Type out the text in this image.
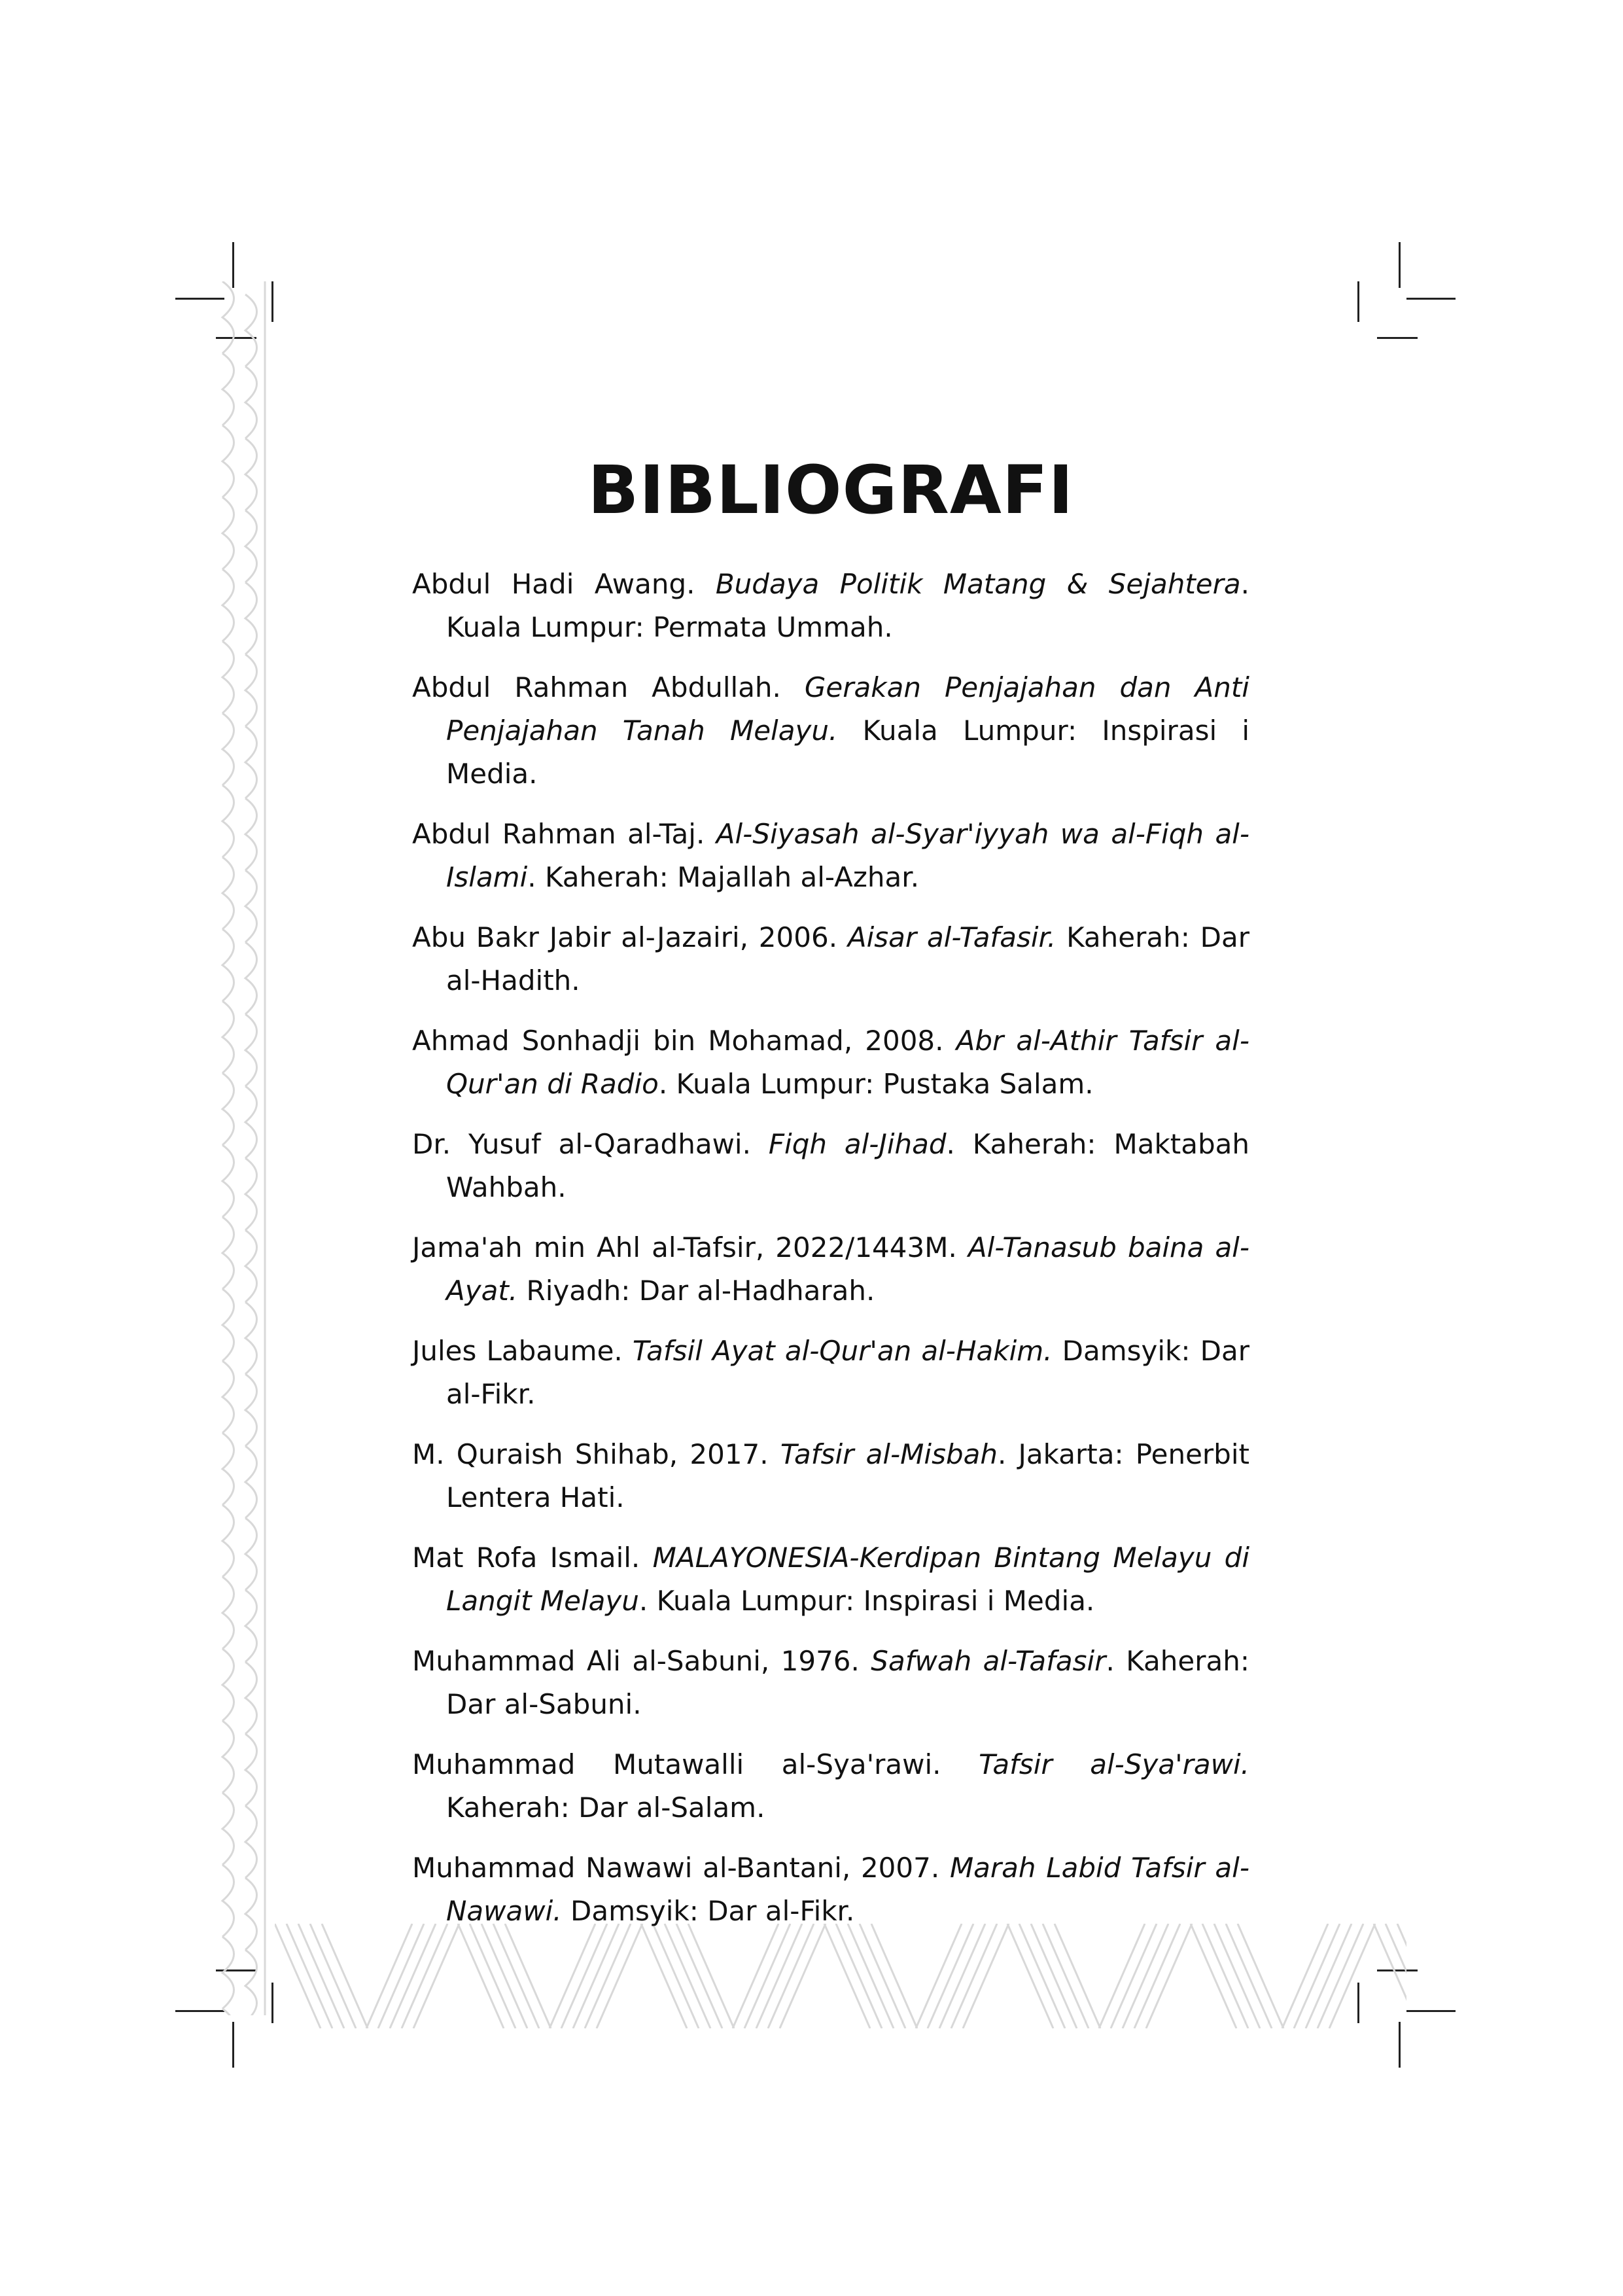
BIBLIOGRAFI

Abdul Hadi Awang. Budaya Politik Matang & Sejahtera. Kuala Lumpur: Permata Ummah.

Abdul Rahman Abdullah. Gerakan Penjajahan dan Anti Penjajahan Tanah Melayu. Kuala Lumpur: Inspirasi i Media.

Abdul Rahman al-Taj. Al-Siyasah al-Syar'iyyah wa al-Fiqh al-Islami. Kaherah: Majallah al-Azhar.

Abu Bakr Jabir al-Jazairi, 2006. Aisar al-Tafasir. Kaherah: Dar al-Hadith.

Ahmad Sonhadji bin Mohamad, 2008. Abr al-Athir Tafsir al-Qur'an di Radio. Kuala Lumpur: Pustaka Salam.

Dr. Yusuf al-Qaradhawi. Fiqh al-Jihad. Kaherah: Maktabah Wahbah.

Jama'ah min Ahl al-Tafsir, 2022/1443M. Al-Tanasub baina al-Ayat. Riyadh: Dar al-Hadharah.

Jules Labaume. Tafsil Ayat al-Qur'an al-Hakim. Damsyik: Dar al-Fikr.

M. Quraish Shihab, 2017. Tafsir al-Misbah. Jakarta: Penerbit Lentera Hati.

Mat Rofa Ismail. MALAYONESIA-Kerdipan Bintang Melayu di Langit Melayu. Kuala Lumpur: Inspirasi i Media.

Muhammad Ali al-Sabuni, 1976. Safwah al-Tafasir. Kaherah: Dar al-Sabuni.

Muhammad Mutawalli al-Sya'rawi. Tafsir al-Sya'rawi. Kaherah: Dar al-Salam.

Muhammad Nawawi al-Bantani, 2007. Marah Labid Tafsir al-Nawawi. Damsyik: Dar al-Fikr.
